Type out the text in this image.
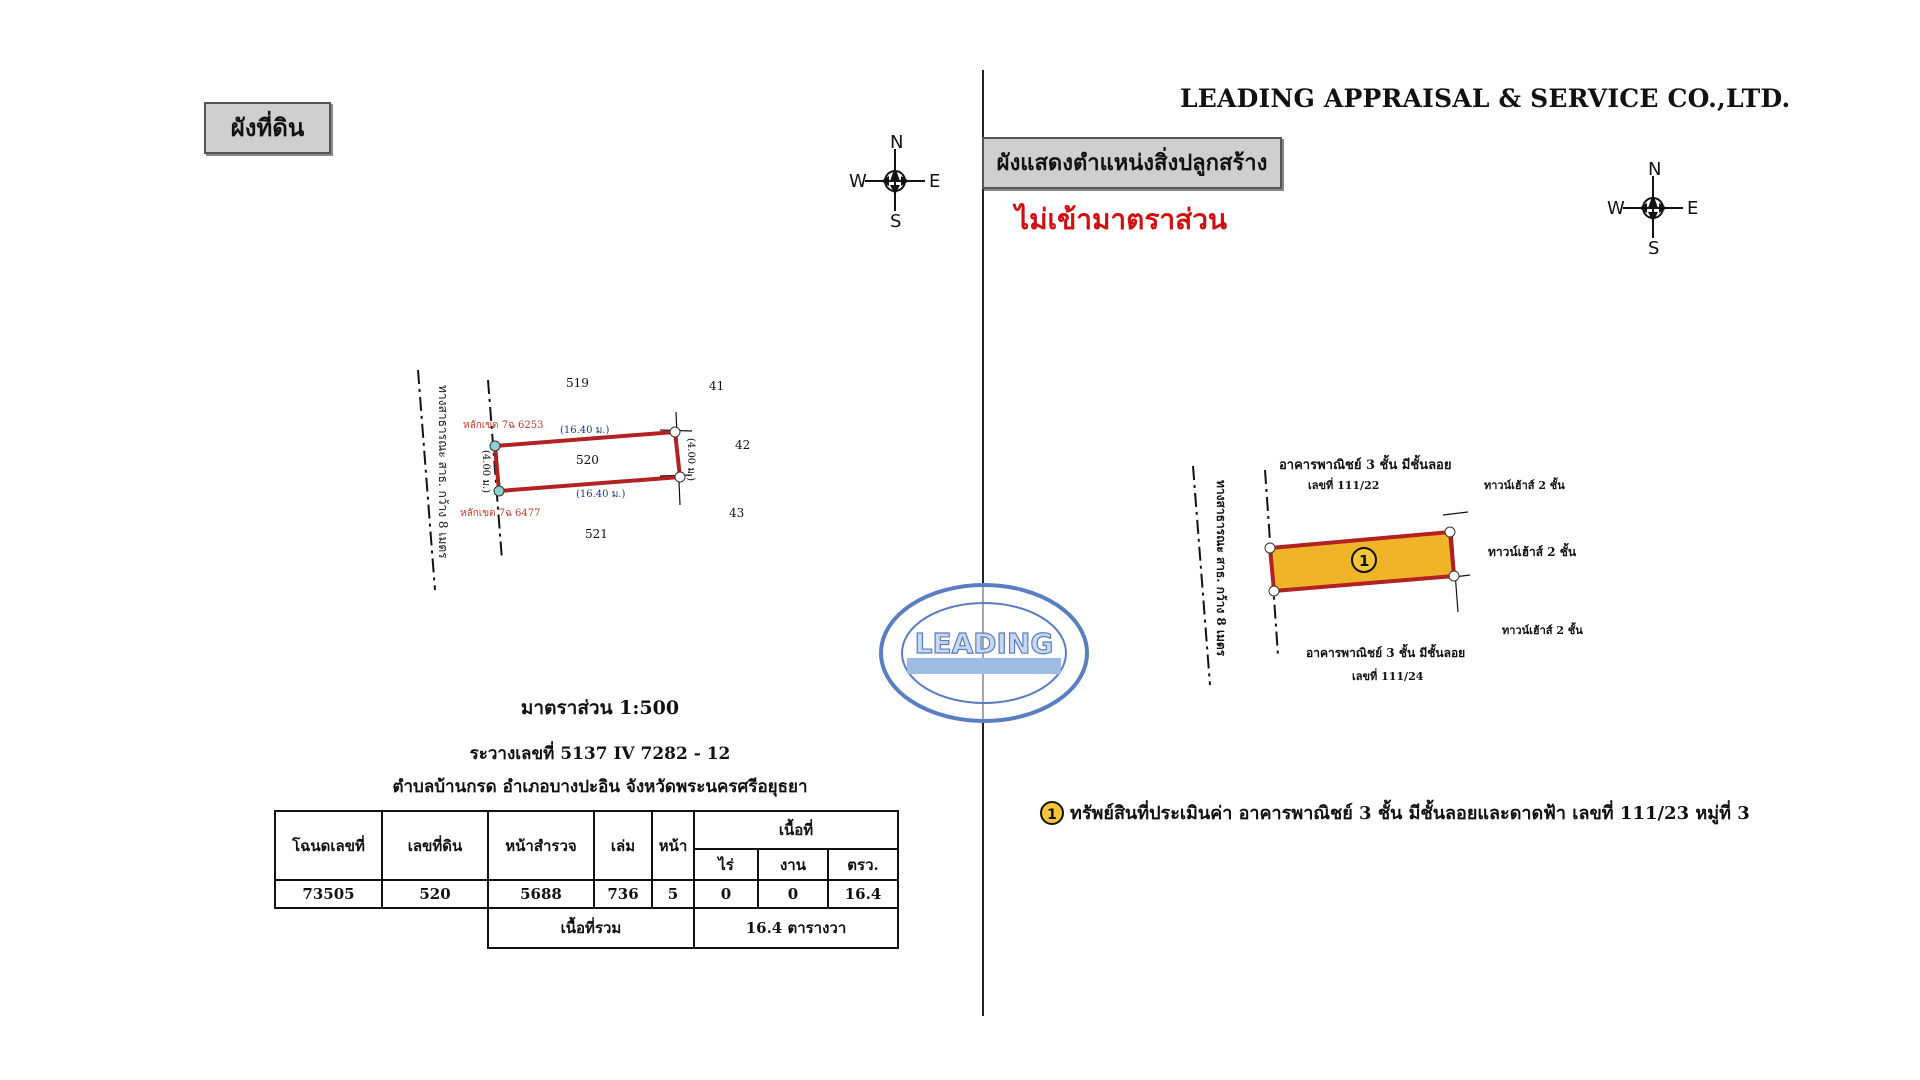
ผังที่ดิน
N
W	E
S
ทางสาธารณะ สาธ. กว้าง 8 เมตร	520
519	41
42
43
521
หลักเขต 7ฉ 6253
หลักเขต 7ฉ 6477
(16.40 ม.)
(16.40 ม.)
(4.00 ม.)	(4.00 ม.)
มาตราส่วน 1:500
ระวางเลขที่ 5137 IV 7282 - 12
ตำบลบ้านกรด อำเภอบางปะอิน จังหวัดพระนครศรีอยุธยา
โฉนดเลขที่	เลขที่ดิน	หน้าสำรวจ	เล่ม	หน้า	เนื้อที่		
					ไร่	งาน	ตรว.
73505	520	5688	736	5	0	0	16.4
		เนื้อที่รวม			16.4 ตารางวา		
LEADING APPRAISAL & SERVICE CO.,LTD.
ผังแสดงตำแหน่งสิ่งปลูกสร้าง
ไม่เข้ามาตราส่วน
N
W	E
S
1
ทางสาธารณะ สาธ. กว้าง 8 เมตร
อาคารพาณิชย์ 3 ชั้น มีชั้นลอย
เลขที่ 111/22
อาคารพาณิชย์ 3 ชั้น มีชั้นลอย
เลขที่ 111/24
ทาวน์เฮ้าส์ 2 ชั้น
ทาวน์เฮ้าส์ 2 ชั้น
ทาวน์เฮ้าส์ 2 ชั้น
1 ทรัพย์สินที่ประเมินค่า อาคารพาณิชย์ 3 ชั้น มีชั้นลอยและดาดฟ้า เลขที่ 111/23 หมู่ที่ 3
LEADING
